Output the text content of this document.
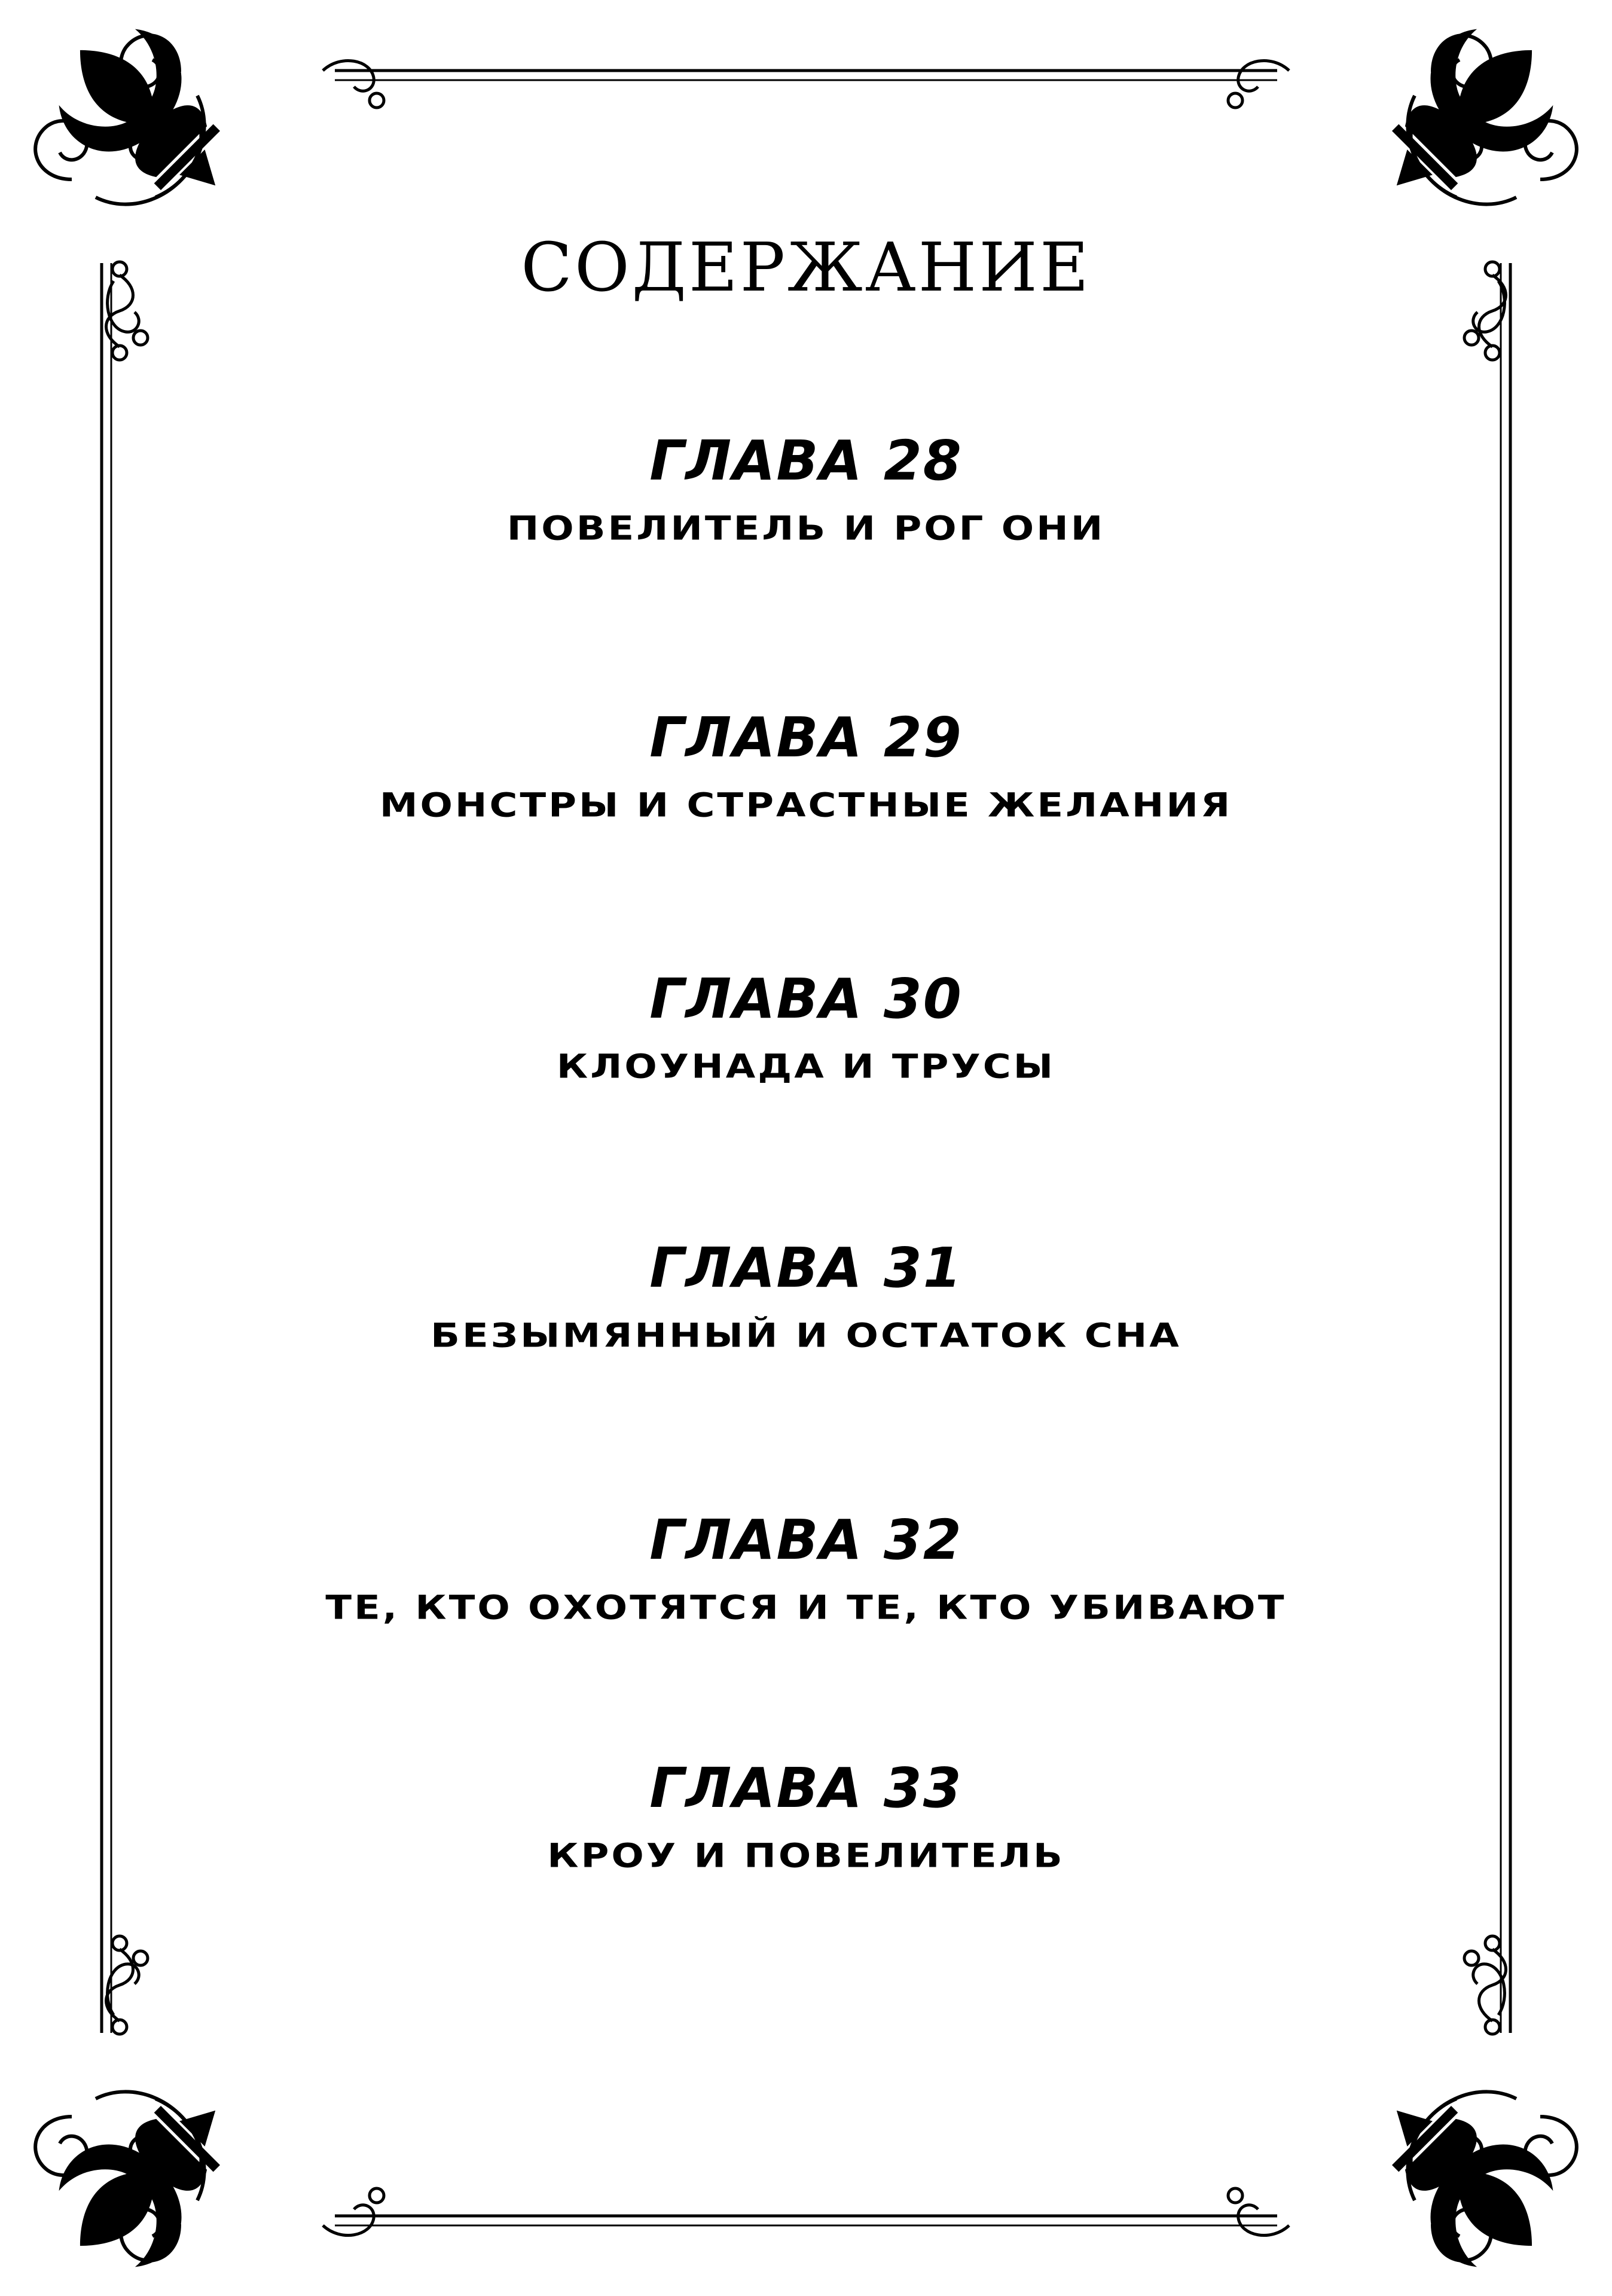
СОДЕРЖАНИЕ
ГЛАВА 28
ПОВЕЛИТЕЛЬ И РОГ ОНИ
ГЛАВА 29
МОНСТРЫ И СТРАСТНЫЕ ЖЕЛАНИЯ
ГЛАВА 30
КЛОУНАДА И ТРУСЫ
ГЛАВА 31
БЕЗЫМЯННЫЙ И ОСТАТОК СНА
ГЛАВА 32
ТЕ, КТО ОХОТЯТСЯ И ТЕ, КТО УБИВАЮТ
ГЛАВА 33
КРОУ И ПОВЕЛИТЕЛЬ
